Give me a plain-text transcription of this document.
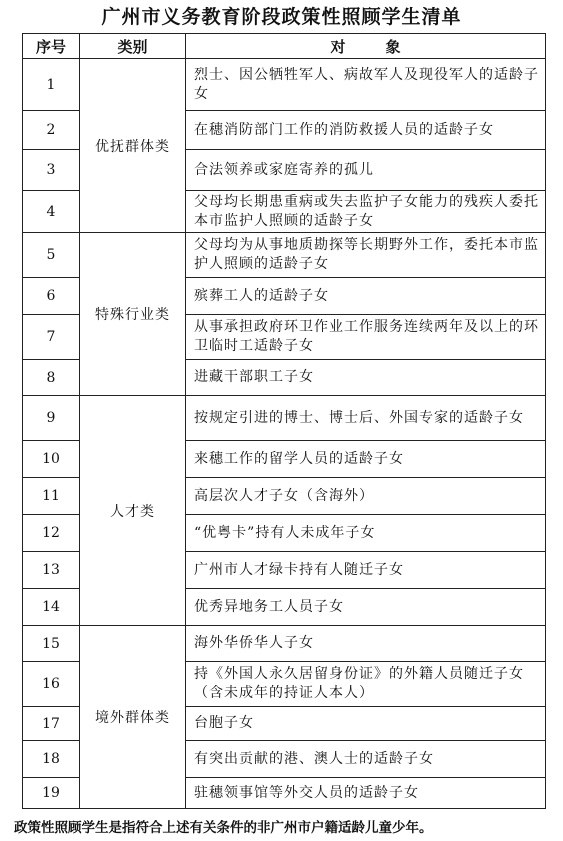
广州市义务教育阶段政策性照顾学生清单
序号	类别	对象
1	优抚群体类	烈士、因公牺牲军人、病故军人及现役军人的适龄子女
2		在穗消防部门工作的消防救援人员的适龄子女
3		合法领养或家庭寄养的孤儿
4		父母均长期患重病或失去监护子女能力的残疾人委托本市监护人照顾的适龄子女
5	特殊行业类	父母均为从事地质勘探等长期野外工作，委托本市监护人照顾的适龄子女
6		殡葬工人的适龄子女
7		从事承担政府环卫作业工作服务连续两年及以上的环卫临时工适龄子女
8		进藏干部职工子女
9	人才类	按规定引进的博士、博士后、外国专家的适龄子女
10		来穗工作的留学人员的适龄子女
11		高层次人才子女（含海外）
12		“优粤卡”持有人未成年子女
13		广州市人才绿卡持有人随迁子女
14		优秀异地务工人员子女
15	境外群体类	海外华侨华人子女
16		持《外国人永久居留身份证》的外籍人员随迁子女（含未成年的持证人本人）
17		台胞子女
18		有突出贡献的港、澳人士的适龄子女
19		驻穗领事馆等外交人员的适龄子女
政策性照顾学生是指符合上述有关条件的非广州市户籍适龄儿童少年。
